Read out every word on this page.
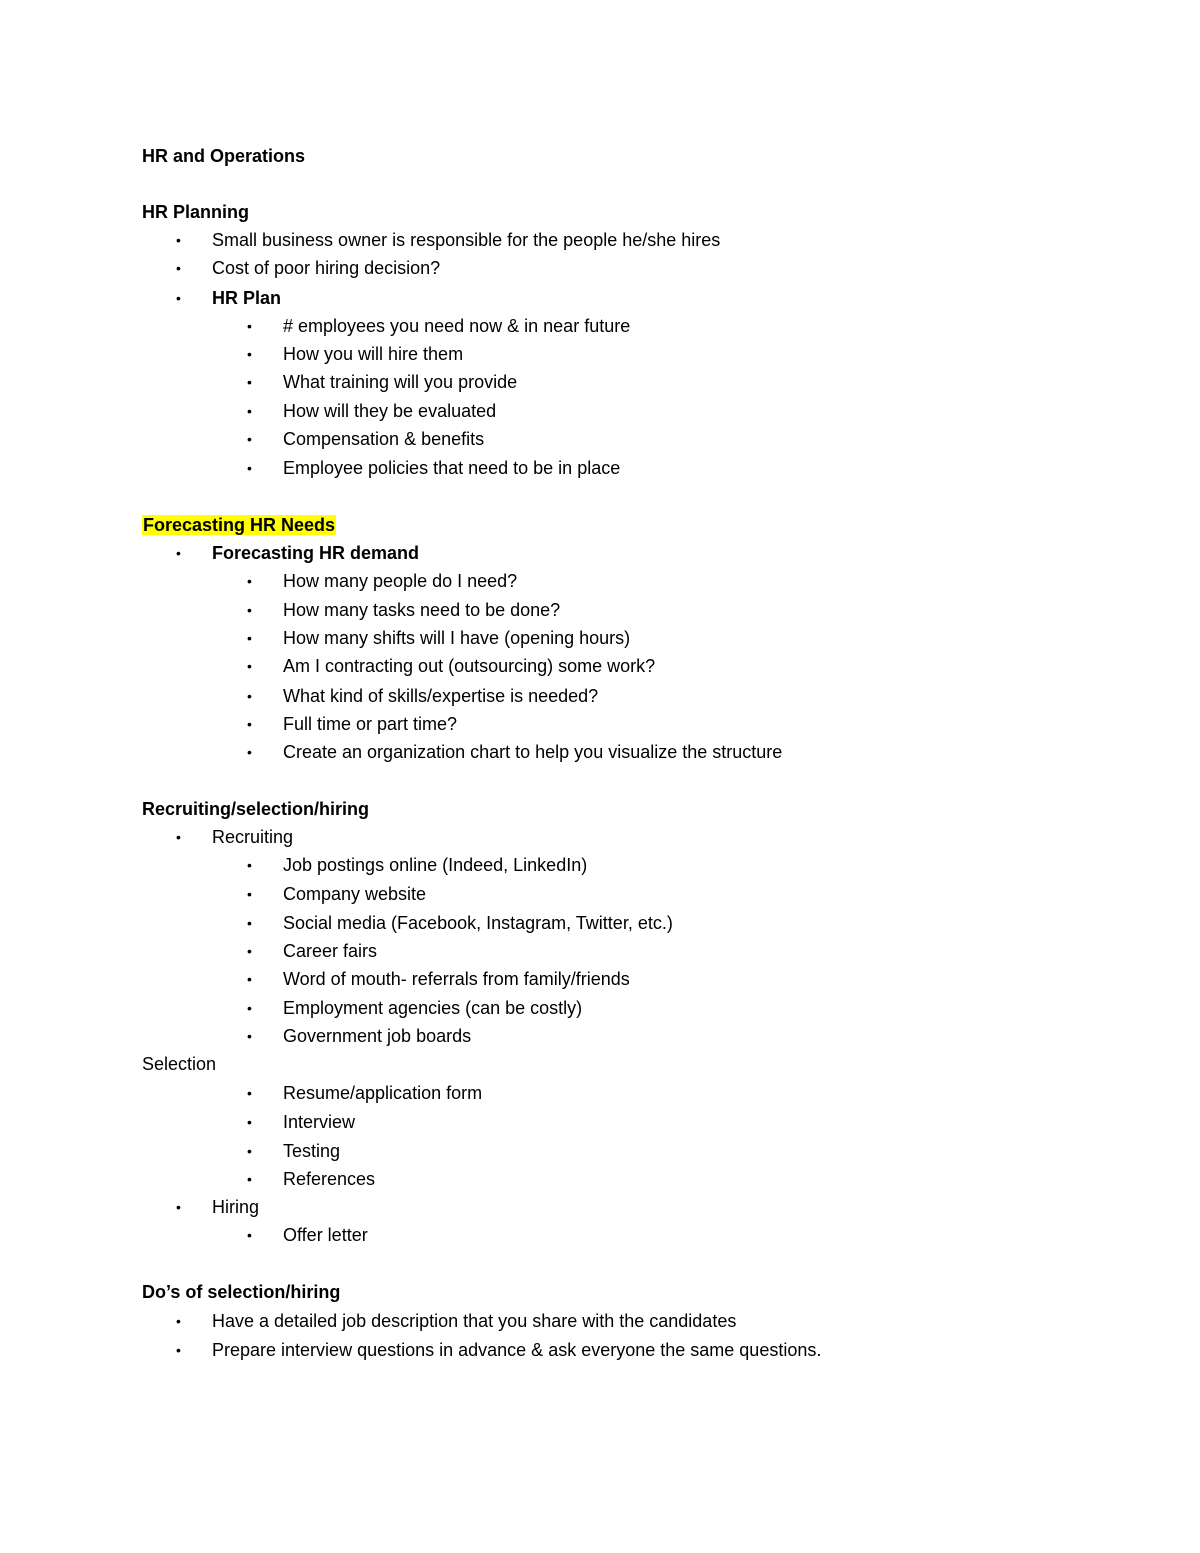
HR and Operations
HR Planning
• Small business owner is responsible for the people he/she hires
• Cost of poor hiring decision?
• HR Plan
• # employees you need now & in near future
• How you will hire them
• What training will you provide
• How will they be evaluated
• Compensation & benefits
• Employee policies that need to be in place
Forecasting HR Needs
• Forecasting HR demand
• How many people do I need?
• How many tasks need to be done?
• How many shifts will I have (opening hours)
• Am I contracting out (outsourcing) some work?
• What kind of skills/expertise is needed?
• Full time or part time?
• Create an organization chart to help you visualize the structure
Recruiting/selection/hiring
• Recruiting
• Job postings online (Indeed, LinkedIn)
• Company website
• Social media (Facebook, Instagram, Twitter, etc.)
• Career fairs
• Word of mouth- referrals from family/friends
• Employment agencies (can be costly)
• Government job boards
Selection
• Resume/application form
• Interview
• Testing
• References
• Hiring
• Offer letter
Do’s of selection/hiring
• Have a detailed job description that you share with the candidates
• Prepare interview questions in advance & ask everyone the same questions.
